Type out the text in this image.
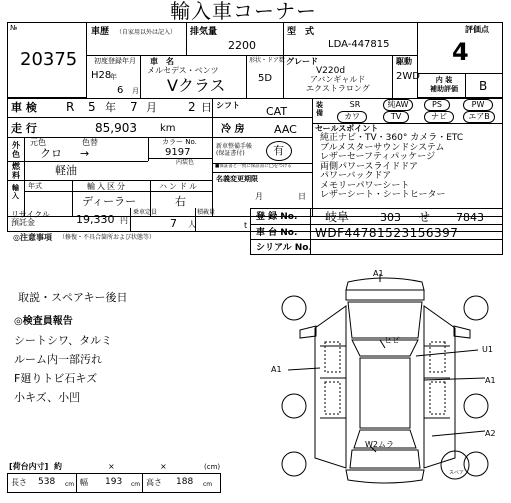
輸入車コーナー
№
20375
車歴 （自家用以外は記入） 排気量
2200
型　式
LDA-447815
評価点
4
内 装
補助評価 B
初度登録年月
H28
年
6 月
車　名
メルセデス・ベンツ
Vクラス
形状・ドア数
5D
グレード
V220d
アバンギャルド
エクストラロング
駆動
2WD
車 検 R 5 年 7 月	2 日 シフト CAT	装
備
SR	純AW	PS	PW
カワ	TV	ナビ	エアB
走 行	85,903 km	冷 房	AAC セールスポイント
純正ナビ・TV・360° カメラ・ETC
ブルメスターサウンドシステム
レザーセーフティパッケージ
両側パワースライドドア
パワーバックドア
メモリーパワーシート
レザーシート・シートヒーター
外
色
元色	色替
クロ →
カラー No.
9197
内装色
新車整備手帳
(保証書付)	有
■保証書と一致に保証書に◯をつける
燃
料	軽油
名義変更期限
月	日
輸
入
年式	輸入区分
ディーラー
ハンドル
右
リサイクル
預託金	19,330 円
乗車定員
7 人
積載量
t
登 録 No. 岐阜	303 せ 7843
車 台 No. WDF44781523156397
シリアル No.
◎注意事項 （修復・不具合箇所および状態等）
取説・スペアキー後日
◎検査員報告
シートシワ、タルミ
ルーム内一部汚れ
F廻りトビ石キズ
小キズ、小凹
A1
ヒビ
U1
A1
A1
A2
W2ムラ
スペア
[荷台内寸] 約	×	×	(cm)
長さ 538 cm 幅 193 cm 高さ 188 cm
